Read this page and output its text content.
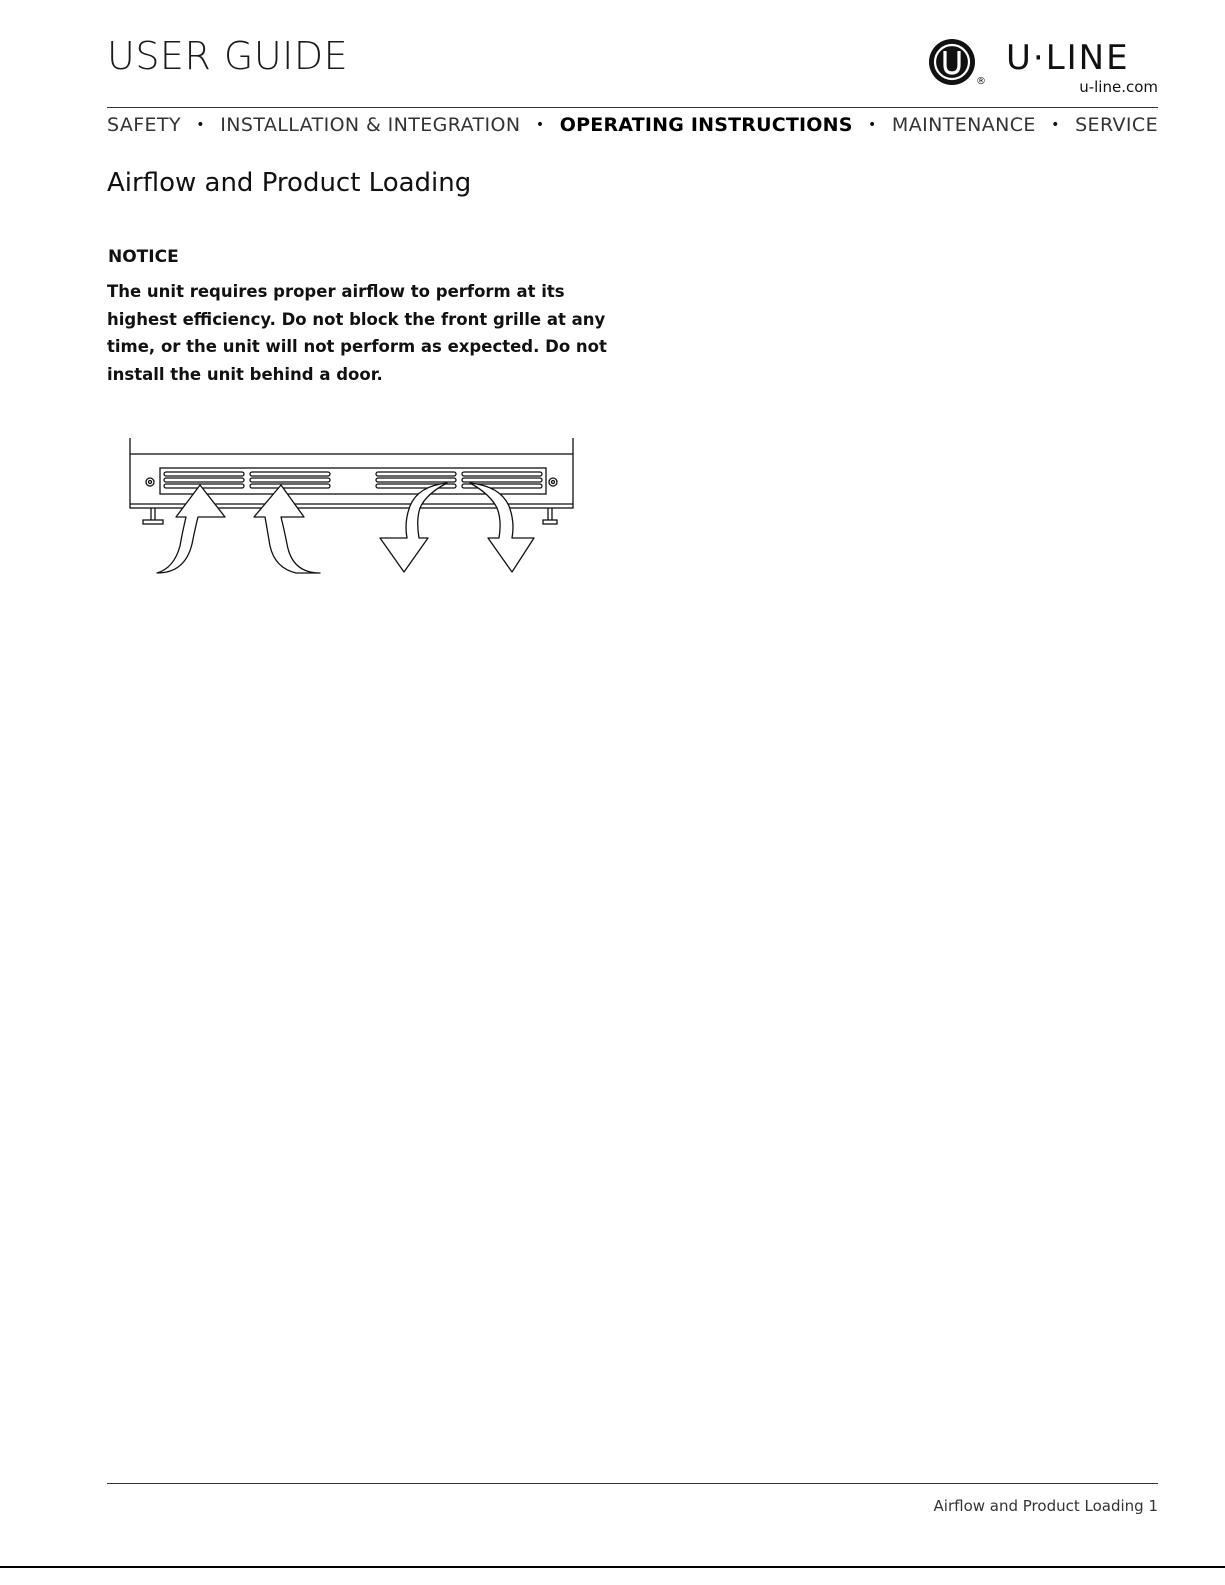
USER GUIDE
®
U·LINE
u-line.com
SAFETY • INSTALLATION & INTEGRATION • OPERATING INSTRUCTIONS • MAINTENANCE • SERVICE
Airflow and Product Loading
NOTICE
The unit requires proper airflow to perform at its highest efficiency. Do not block the front grille at any time, or the unit will not perform as expected. Do not install the unit behind a door.
Airflow and Product Loading 1
